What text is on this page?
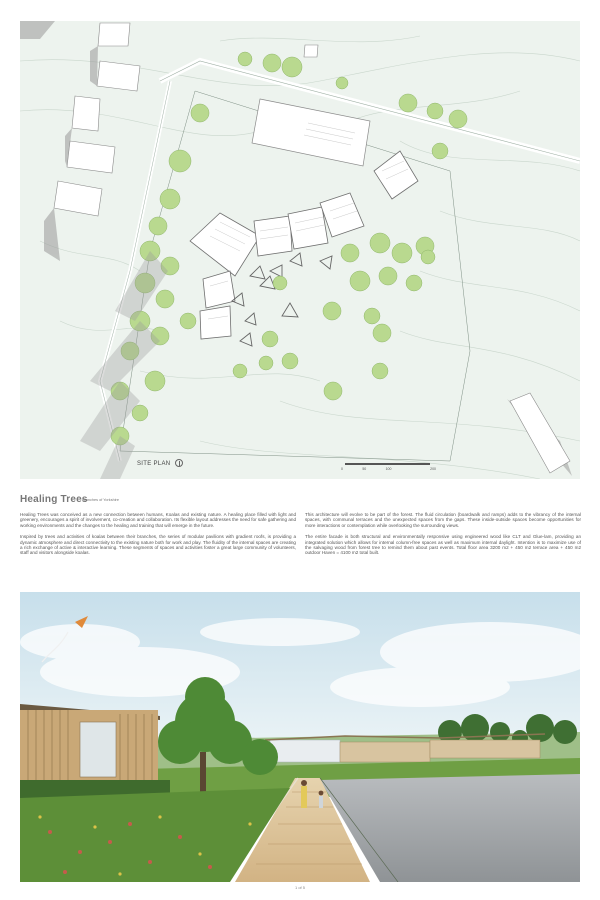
SITE PLAN
0	50	100	200
Healing Trees
Branches of Yorkshire

Healing Trees was conceived as a new connection between humans, Koalas and existing nature. A healing place filled with light and greenery, encourages a spirit of involvement, co-creation and collaboration. Its flexible layout addresses the need for safe gathering and working environments and the changes to the healing and training that will emerge in the future.

Inspired by trees and activities of koalas between their branches, the series of modular pavilions with gradient roofs, is providing a dynamic atmosphere and direct connectivity to the existing nature both for work and play. The fluidity of the internal spaces are creating a rich exchange of active & interactive learning. These segments of spaces and activities foster a great large community of volunteers, staff and visitors alongside koalas.

This architecture will evolve to be part of the forest. The fluid circulation (boardwalk and ramps) adds to the vibrancy of the internal spaces, with communal terraces and the unexpected spaces from the gaps. These inside-outside spaces become opportunities for more interactions or contemplation while overlooking the surrounding views.

The entire facade is both structural and environmentally responsive using engineered wood like CLT and Glue-lam, providing an integrated solution which allows for internal column-free spaces as well as maximum internal daylight. Intention is to maximize use of the salvaging wood from forest tree to remind them about past events. Total floor area 3200 m2 + 450 m2 terrace area + 450 m2 outdoor Haven = 4100 m2 total built.

1 of 5
